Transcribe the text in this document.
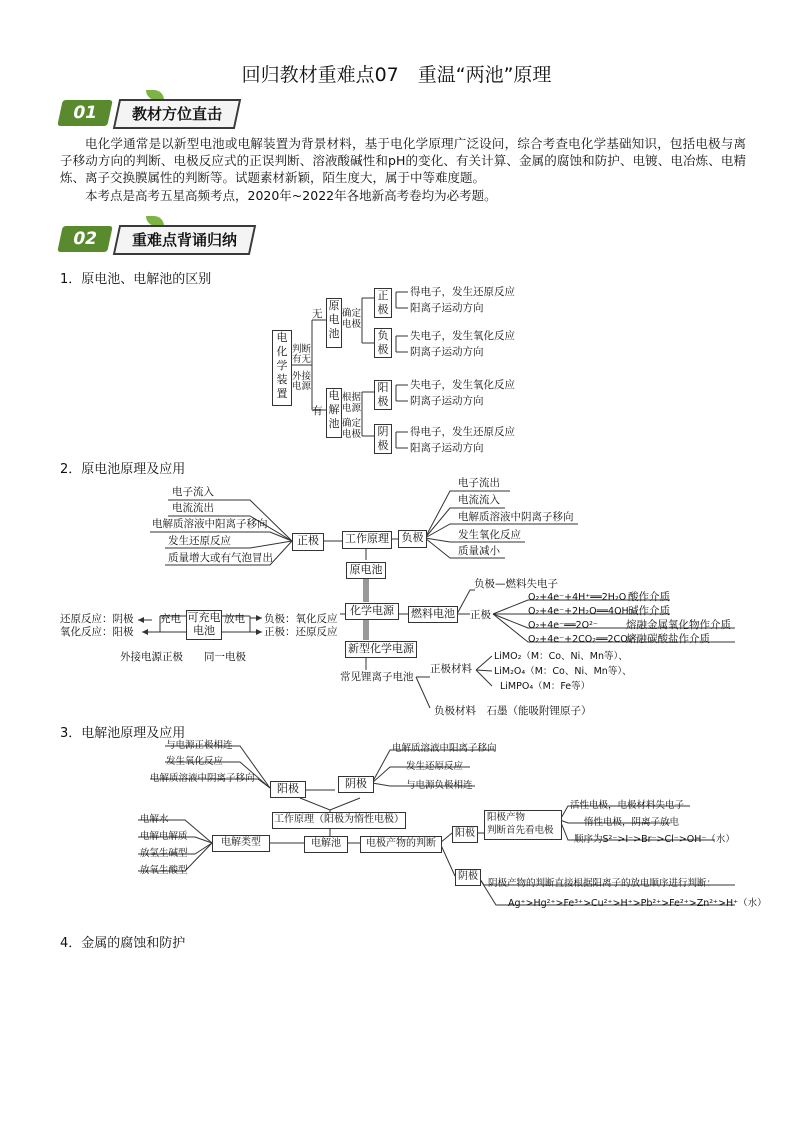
回归教材重难点07　重温“两池”原理
01	教材方位直击
电化学通常是以新型电池或电解装置为背景材料，基于电化学原理广泛设问，综合考查电化学基础知识，包括电极与离子移动方向的判断、电极反应式的正误判断、溶液酸碱性和pH的变化、有关计算、金属的腐蚀和防护、电镀、电冶炼、电精炼、离子交换膜属性的判断等。试题素材新颖，陌生度大，属于中等难度题。
本考点是高考五星高频考点，2020年~2022年各地新高考卷均为必考题。
02	重难点背诵归纳
1．原电池、电解池的区别
2．原电池原理及应用
3．电解池原理及应用
4．金属的腐蚀和防护
电化学装置
判断有无
外接电源
无
有
原电池
电解池
确定电极
根据电源
确定电极
正极
负极
阳极
阴极
得电子，发生还原反应
阳离子运动方向
失电子，发生氧化反应
阴离子运动方向
失电子，发生氧化反应
阴离子运动方向
得电子，发生还原反应
阳离子运动方向
电子流入
电流流出
电解质溶液中阳离子移向
发生还原反应
质量增大或有气泡冒出
正极	工作原理	负极
电子流出
电流流入
电解质溶液中阴离子移向
发生氧化反应
质量减小
原电池
化学电源	燃料电池
新型化学电源
可充电电池
还原反应：阴极
氧化反应：阳极
充电	放电 负极：氧化反应
正极：还原反应
外接电源正极 同一电极
负极—燃料失电子
正极
O₂+4e⁻+4H⁺══2H₂O 酸作介质
O₂+4e⁻+2H₂O══4OH⁻
碱作介质
O₂+4e⁻══2O²⁻	熔融金属氧化物作介质
O₂+4e⁻+2CO₂══2CO₃²⁻
熔融碳酸盐作介质
常见锂离子电池
正极材料
LiMO₂（M：Co、Ni、Mn等）、
LiM₂O₄（M：Co、Ni、Mn等）、
LiMPO₄（M：Fe等）
负极材料　石墨（能吸附锂原子）
与电源正极相连
发生氧化反应
电解质溶液中阴离子移向
阳极	阴极
电解质溶液中阳离子移向
发生还原反应
与电源负极相连
工作原理（阳极为惰性电极）
电解水
电解电解质
放氢生碱型
放氧生酸型
电解类型	电解池	电极产物的判断
阳极
阳极产物
判断首先看电极
活性电极，电极材料失电子
惰性电极，阴离子放电
顺序为S²⁻>I⁻>Br⁻>Cl⁻>OH⁻（水）
阴极
阴极产物的判断直接根据阳离子的放电顺序进行判断：
Ag⁺>Hg²⁺>Fe³⁺>Cu²⁺>H⁺>Pb²⁺>Fe²⁺>Zn²⁺>H⁺（水）
